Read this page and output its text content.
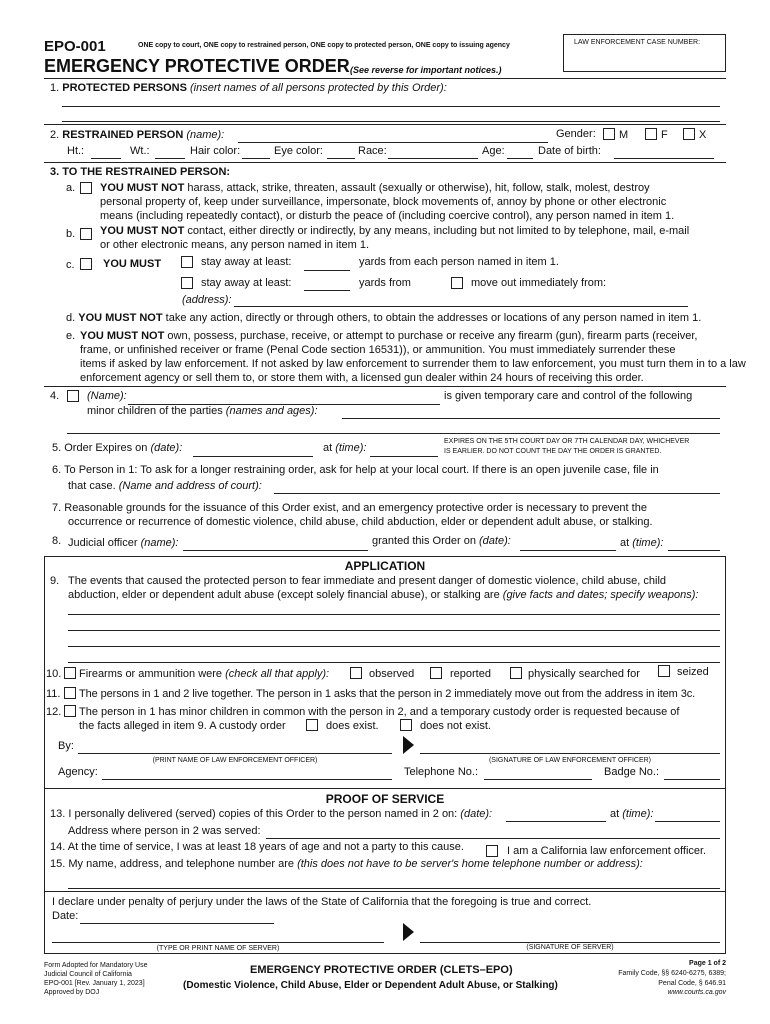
EPO-001	ONE copy to court, ONE copy to restrained person, ONE copy to protected person, ONE copy to issuing agency	LAW ENFORCEMENT CASE NUMBER:
EMERGENCY PROTECTIVE ORDER (See reverse for important notices.)
1. PROTECTED PERSONS (insert names of all persons protected by this Order):
2. RESTRAINED PERSON (name):	Gender: M	F	X
Ht.:	Wt.:	Hair color:	Eye color:	Race:	Age:	Date of birth:
3. TO THE RESTRAINED PERSON:
a. YOU MUST NOT harass, attack, strike, threaten, assault (sexually or otherwise), hit, follow, stalk, molest, destroy
personal property of, keep under surveillance, impersonate, block movements of, annoy by phone or other electronic
means (including repeatedly contact), or disturb the peace of (including coercive control), any person named in item 1.
b. YOU MUST NOT contact, either directly or indirectly, by any means, including but not limited to by telephone, mail, e-mail
or other electronic means, any person named in item 1.
c.	YOU MUST	stay away at least:	yards from each person named in item 1.
stay away at least:	yards from	move out immediately from:
(address):
d. YOU MUST NOT take any action, directly or through others, to obtain the addresses or locations of any person named in item 1.
e. YOU MUST NOT own, possess, purchase, receive, or attempt to purchase or receive any firearm (gun), firearm parts (receiver,
frame, or unfinished receiver or frame (Penal Code section 16531)), or ammunition. You must immediately surrender these
items if asked by law enforcement. If not asked by law enforcement to surrender them to law enforcement, you must turn them in to a law
enforcement agency or sell them to, or store them with, a licensed gun dealer within 24 hours of receiving this order.
4.	(Name):	is given temporary care and control of the following
minor children of the parties (names and ages):
5. Order Expires on (date):	at (time):
EXPIRES ON THE 5TH COURT DAY OR 7TH CALENDAR DAY, WHICHEVER
IS EARLIER. DO NOT COUNT THE DAY THE ORDER IS GRANTED.
6. To Person in 1: To ask for a longer restraining order, ask for help at your local court. If there is an open juvenile case, file in
that case. (Name and address of court):
7. Reasonable grounds for the issuance of this Order exist, and an emergency protective order is necessary to prevent the
occurrence or recurrence of domestic violence, child abuse, child abduction, elder or dependent adult abuse, or stalking.
8. Judicial officer (name):	granted this Order on (date):	at (time):
APPLICATION
9. The events that caused the protected person to fear immediate and present danger of domestic violence, child abuse, child
abduction, elder or dependent adult abuse (except solely financial abuse), or stalking are (give facts and dates; specify weapons):
10. Firearms or ammunition were (check all that apply):	observed	reported	physically searched for	seized
11. The persons in 1 and 2 live together. The person in 1 asks that the person in 2 immediately move out from the address in item 3c.
12. The person in 1 has minor children in common with the person in 2, and a temporary custody order is requested because of
the facts alleged in item 9. A custody order	does exist.	does not exist.
By:
(PRINT NAME OF LAW ENFORCEMENT OFFICER)	(SIGNATURE OF LAW ENFORCEMENT OFFICER)
Agency:	Telephone No.:	Badge No.:
PROOF OF SERVICE
13. I personally delivered (served) copies of this Order to the person named in 2 on: (date):	at (time):
Address where person in 2 was served:
14. At the time of service, I was at least 18 years of age and not a party to this cause.	I am a California law enforcement officer.
15. My name, address, and telephone number are (this does not have to be server's home telephone number or address):
I declare under penalty of perjury under the laws of the State of California that the foregoing is true and correct.
Date:
(TYPE OR PRINT NAME OF SERVER)	(SIGNATURE OF SERVER)
Form Adopted for Mandatory Use
Judicial Council of California
EPO-001 [Rev. January 1, 2023]
Approved by DOJ
EMERGENCY PROTECTIVE ORDER (CLETS–EPO)
(Domestic Violence, Child Abuse, Elder or Dependent Adult Abuse, or Stalking)
Page 1 of 2
Family Code, §§ 6240-6275, 6389;
Penal Code, § 646.91
www.courts.ca.gov
